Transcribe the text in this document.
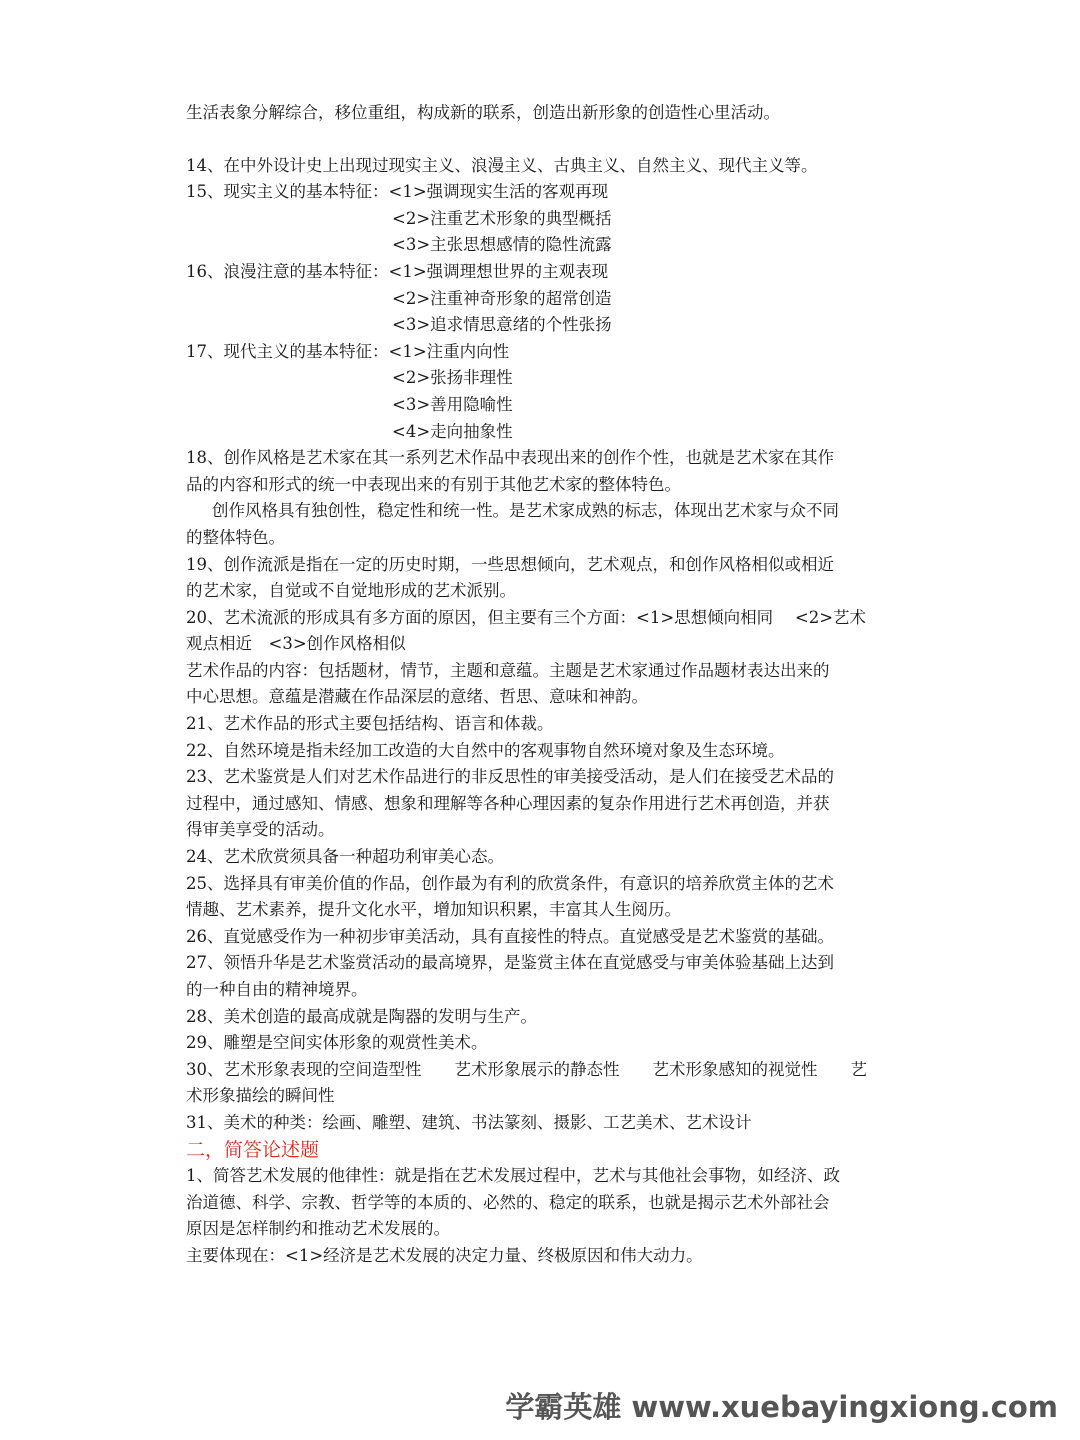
生活表象分解综合，移位重组，构成新的联系，创造出新形象的创造性心里活动。
14、在中外设计史上出现过现实主义、浪漫主义、古典主义、自然主义、现代主义等。
15、现实主义的基本特征：<1>强调现实生活的客观再现
<2>注重艺术形象的典型概括
<3>主张思想感情的隐性流露
16、浪漫注意的基本特征：<1>强调理想世界的主观表现
<2>注重神奇形象的超常创造
<3>追求情思意绪的个性张扬
17、现代主义的基本特征：<1>注重内向性
<2>张扬非理性
<3>善用隐喻性
<4>走向抽象性
18、创作风格是艺术家在其一系列艺术作品中表现出来的创作个性，也就是艺术家在其作
品的内容和形式的统一中表现出来的有别于其他艺术家的整体特色。
创作风格具有独创性，稳定性和统一性。是艺术家成熟的标志，体现出艺术家与众不同
的整体特色。
19、创作流派是指在一定的历史时期，一些思想倾向，艺术观点，和创作风格相似或相近
的艺术家，自觉或不自觉地形成的艺术派别。
20、艺术流派的形成具有多方面的原因，但主要有三个方面：<1>思想倾向相同　 <2>艺术
观点相近　<3>创作风格相似
艺术作品的内容：包括题材，情节，主题和意蕴。主题是艺术家通过作品题材表达出来的
中心思想。意蕴是潜藏在作品深层的意绪、哲思、意味和神韵。
21、艺术作品的形式主要包括结构、语言和体裁。
22、自然环境是指未经加工改造的大自然中的客观事物自然环境对象及生态环境。
23、艺术鉴赏是人们对艺术作品进行的非反思性的审美接受活动，是人们在接受艺术品的
过程中，通过感知、情感、想象和理解等各种心理因素的复杂作用进行艺术再创造，并获
得审美享受的活动。
24、艺术欣赏须具备一种超功利审美心态。
25、选择具有审美价值的作品，创作最为有利的欣赏条件，有意识的培养欣赏主体的艺术
情趣、艺术素养，提升文化水平，增加知识积累，丰富其人生阅历。
26、直觉感受作为一种初步审美活动，具有直接性的特点。直觉感受是艺术鉴赏的基础。
27、领悟升华是艺术鉴赏活动的最高境界，是鉴赏主体在直觉感受与审美体验基础上达到
的一种自由的精神境界。
28、美术创造的最高成就是陶器的发明与生产。
29、雕塑是空间实体形象的观赏性美术。
30、艺术形象表现的空间造型性　　艺术形象展示的静态性　　艺术形象感知的视觉性　　艺
术形象描绘的瞬间性
31、美术的种类：绘画、雕塑、建筑、书法篆刻、摄影、工艺美术、艺术设计
二，简答论述题
1、简答艺术发展的他律性：就是指在艺术发展过程中，艺术与其他社会事物，如经济、政
治道德、科学、宗教、哲学等的本质的、必然的、稳定的联系，也就是揭示艺术外部社会
原因是怎样制约和推动艺术发展的。
主要体现在：<1>经济是艺术发展的决定力量、终极原因和伟大动力。
学霸英雄 www.xuebayingxiong.com
